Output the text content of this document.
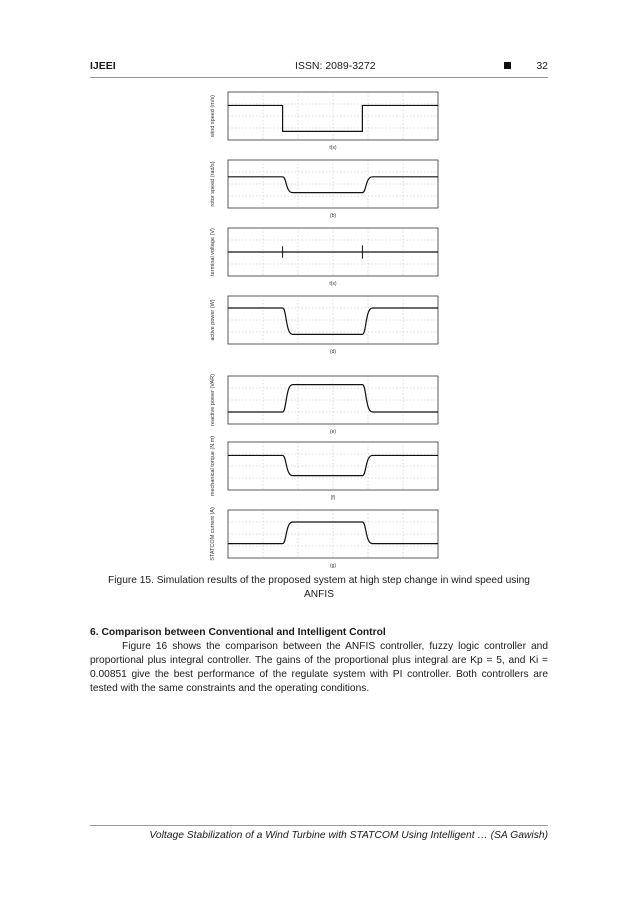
IJEEI	ISSN: 2089-3272	32
wind speed (m/s)
t(s)
rotor speed (rad/s)
(b)
terminal voltage (V)
t(s)
active power (W)
(d)
reactive power (VAR)
(e)
mechanical torque (N.m)
(f)
STATCOM current (A)
(g)
Figure 15. Simulation results of the proposed system at high step change in wind speed using
ANFIS
6. Comparison between Conventional and Intelligent Control

Figure 16 shows the comparison between the ANFIS controller, fuzzy logic controller and proportional plus integral controller. The gains of the proportional plus integral are Kp = 5, and Ki = 0.00851 give the best performance of the regulate system with PI controller. Both controllers are tested with the same constraints and the operating conditions.

Voltage Stabilization of a Wind Turbine with STATCOM Using Intelligent … (SA Gawish)
